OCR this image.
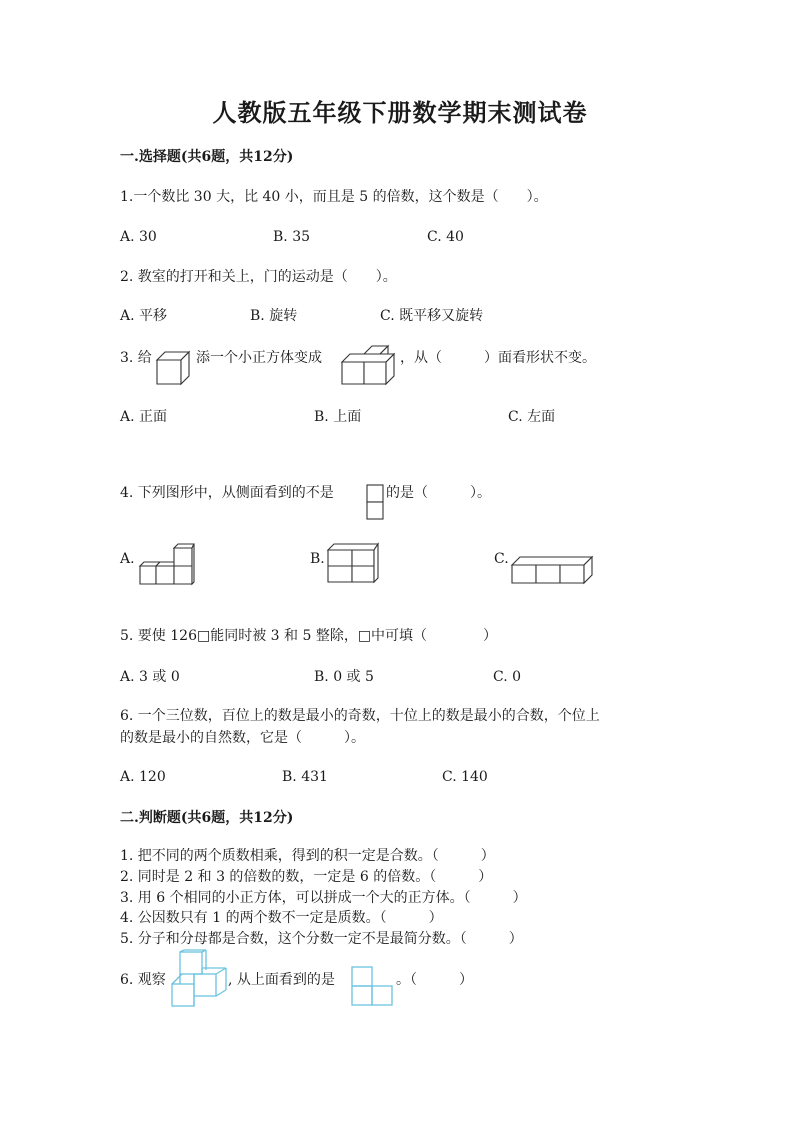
人教版五年级下册数学期末测试卷
一.选择题(共6题，共12分)
1.一个数比 30 大，比 40 小，而且是 5 的倍数，这个数是（　　）。
A. 30	B. 35	C. 40
2. 教室的打开和关上，门的运动是（　　）。
A. 平移	B. 旋转	C. 既平移又旋转
3. 给	添一个小正方体变成	，从（　　　）面看形状不变。
A. 正面	B. 上面	C. 左面
4. 下列图形中，从侧面看到的不是	的是（　　　）。
A.	B.	C.
5. 要使 126□能同时被 3 和 5 整除，□中可填（　　　　）
A. 3 或 0	B. 0 或 5	C. 0
6. 一个三位数，百位上的数是最小的奇数，十位上的数是最小的合数，个位上
的数是最小的自然数，它是（　　　）。
A. 120	B. 431	C. 140
二.判断题(共6题，共12分)
1. 把不同的两个质数相乘，得到的积一定是合数。（　　　）
2. 同时是 2 和 3 的倍数的数，一定是 6 的倍数。（　　　）
3. 用 6 个相同的小正方体，可以拼成一个大的正方体。（　　　）
4. 公因数只有 1 的两个数不一定是质数。（　　　）
5. 分子和分母都是合数，这个分数一定不是最简分数。（　　　）
6. 观察	, 从上面看到的是	。（　　　）
